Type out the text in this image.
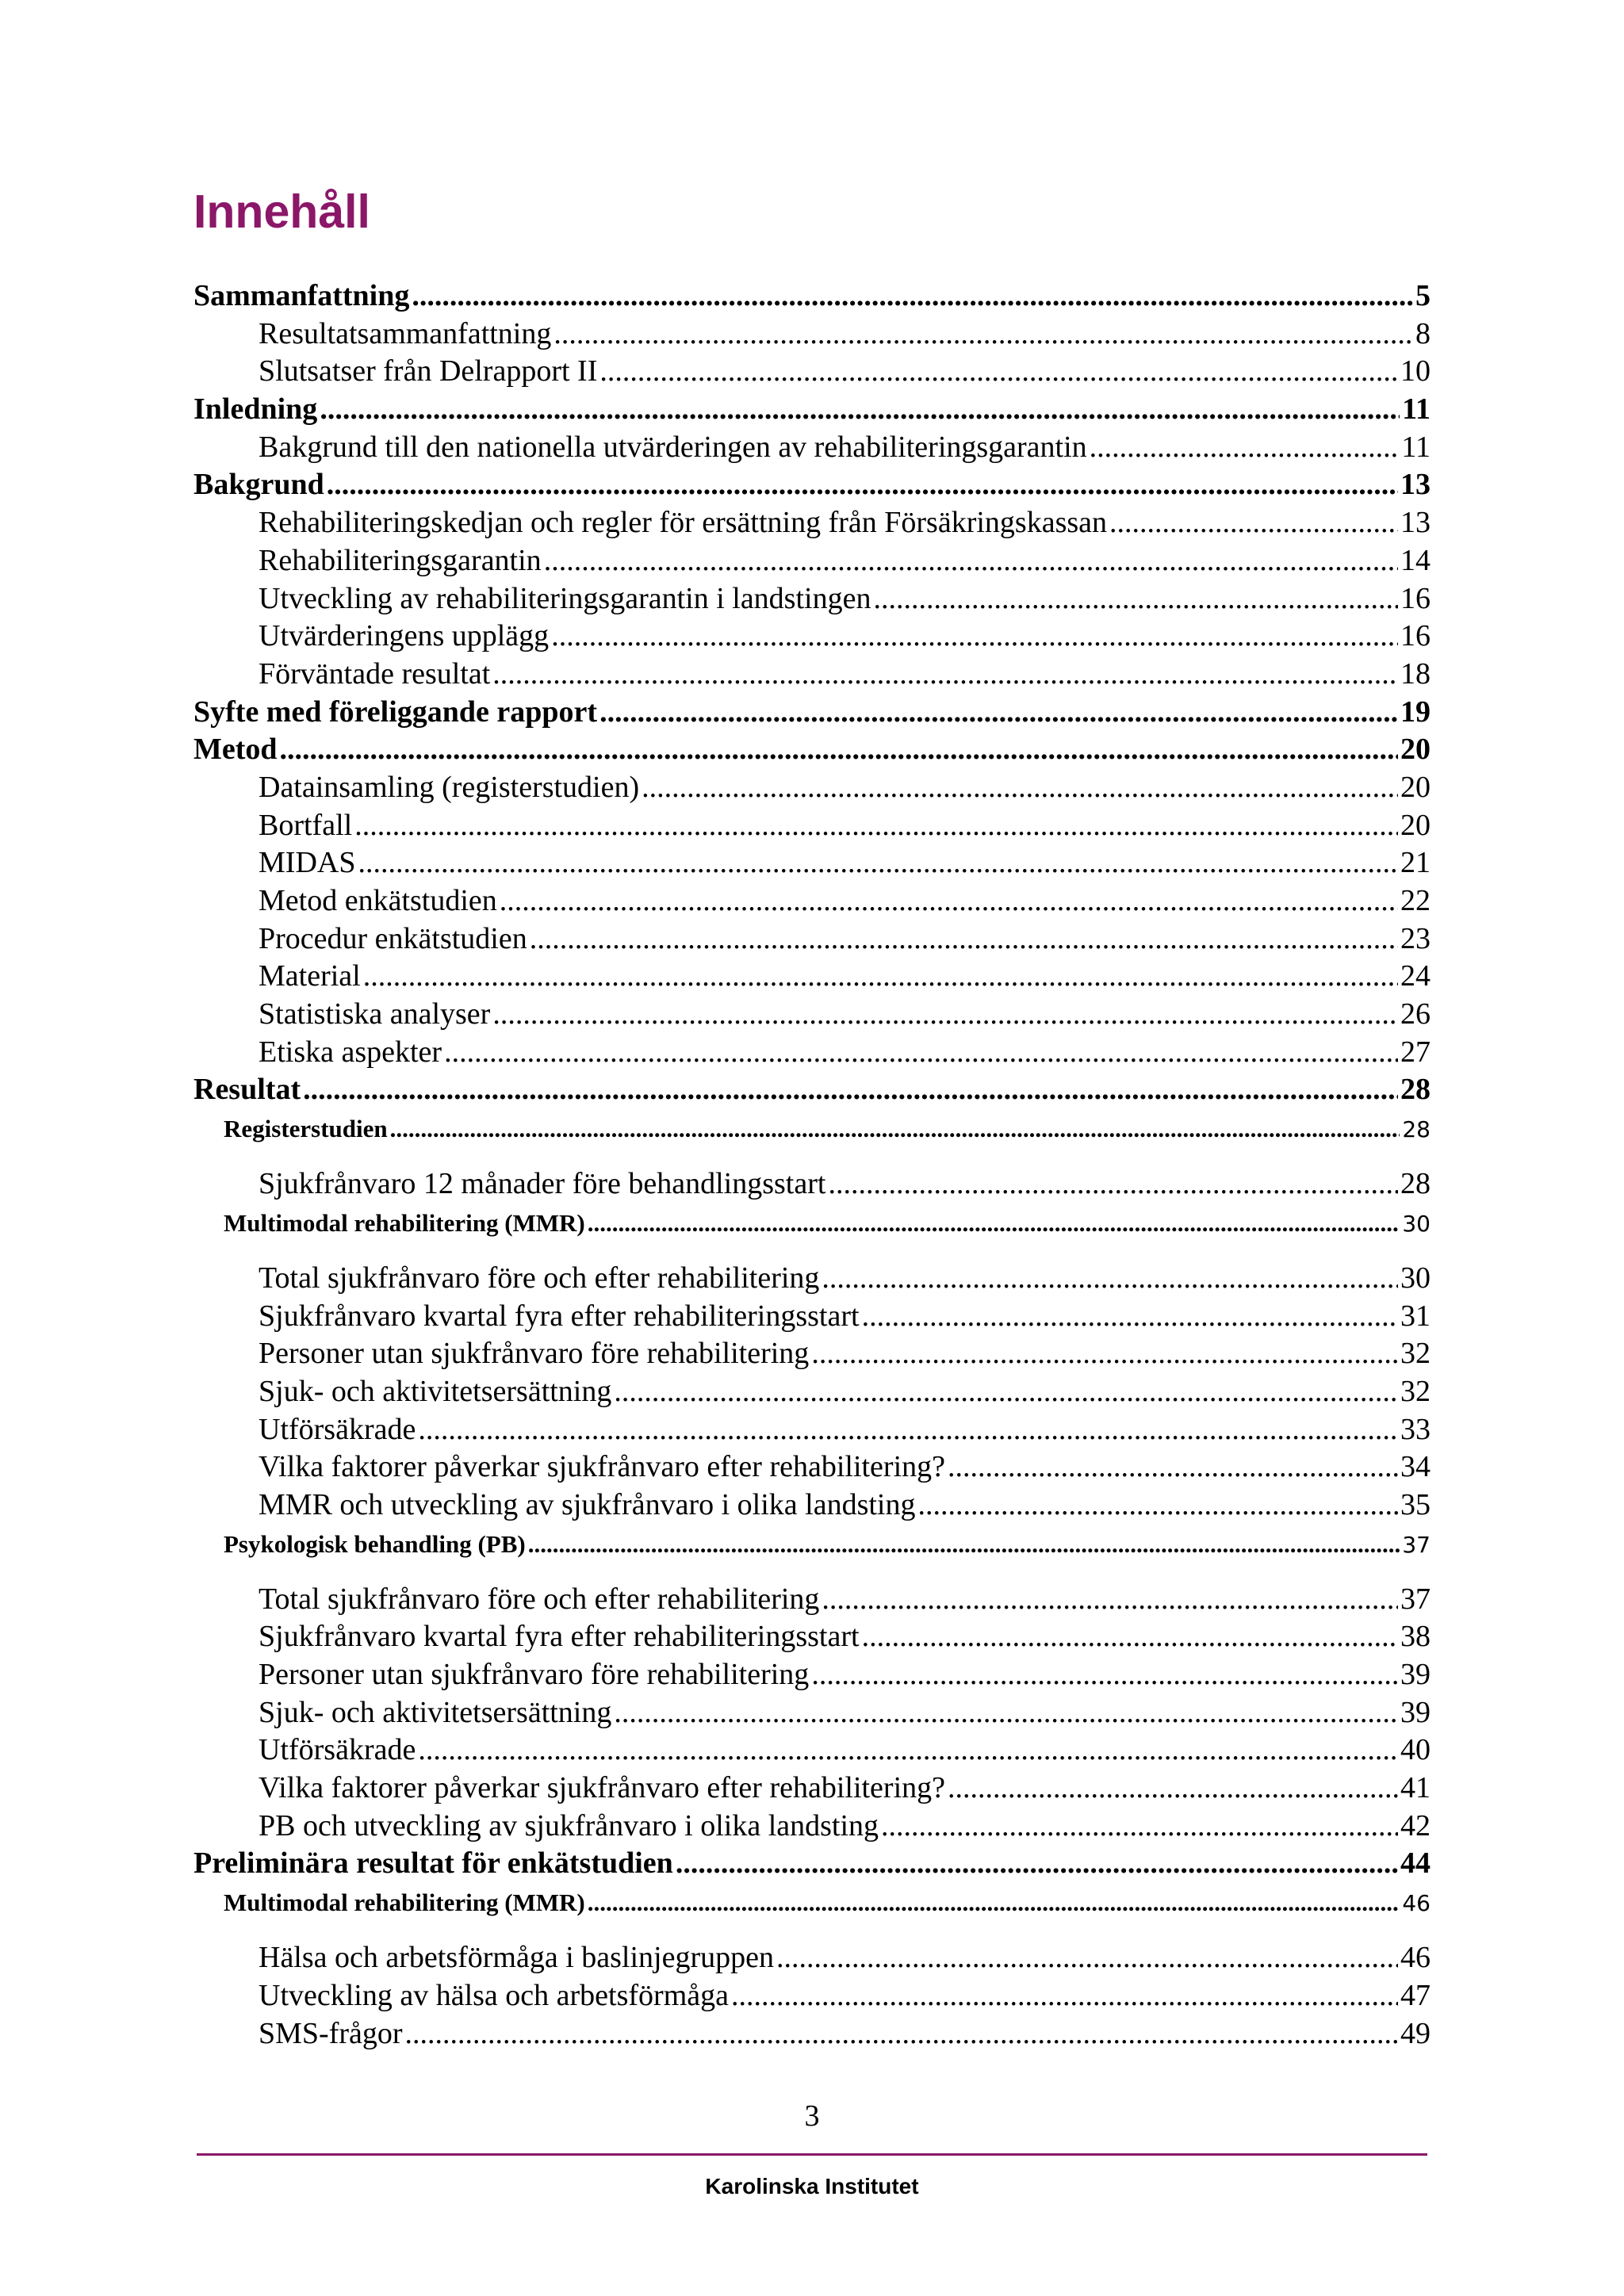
Innehåll
Sammanfattning .....	5
Resultatsammanfattning .....	8
Slutsatser från Delrapport II .....	10
Inledning .....	11
Bakgrund till den nationella utvärderingen av rehabiliteringsgarantin .....	11
Bakgrund .....	13
Rehabiliteringskedjan och regler för ersättning från Försäkringskassan .....	13
Rehabiliteringsgarantin .....	14
Utveckling av rehabiliteringsgarantin i landstingen .....	16
Utvärderingens upplägg .....	16
Förväntade resultat .....	18
Syfte med föreliggande rapport .....	19
Metod .....	20
Datainsamling (registerstudien) .....	20
Bortfall .....	20
MIDAS .....	21
Metod enkätstudien .....	22
Procedur enkätstudien .....	23
Material .....	24
Statistiska analyser .....	26
Etiska aspekter .....	27
Resultat .....	28
Registerstudien .....	28
Sjukfrånvaro 12 månader före behandlingsstart .....	28
Multimodal rehabilitering (MMR) .....	30
Total sjukfrånvaro före och efter rehabilitering .....	30
Sjukfrånvaro kvartal fyra efter rehabiliteringsstart .....	31
Personer utan sjukfrånvaro före rehabilitering .....	32
Sjuk- och aktivitetsersättning .....	32
Utförsäkrade .....	33
Vilka faktorer påverkar sjukfrånvaro efter rehabilitering? .....	34
MMR och utveckling av sjukfrånvaro i olika landsting .....	35
Psykologisk behandling (PB) .....	37
Total sjukfrånvaro före och efter rehabilitering .....	37
Sjukfrånvaro kvartal fyra efter rehabiliteringsstart .....	38
Personer utan sjukfrånvaro före rehabilitering .....	39
Sjuk- och aktivitetsersättning .....	39
Utförsäkrade .....	40
Vilka faktorer påverkar sjukfrånvaro efter rehabilitering? .....	41
PB och utveckling av sjukfrånvaro i olika landsting .....	42
Preliminära resultat för enkätstudien .....	44
Multimodal rehabilitering (MMR) .....	46
Hälsa och arbetsförmåga i baslinjegruppen .....	46
Utveckling av hälsa och arbetsförmåga .....	47
SMS-frågor .....	49
3
Karolinska Institutet
